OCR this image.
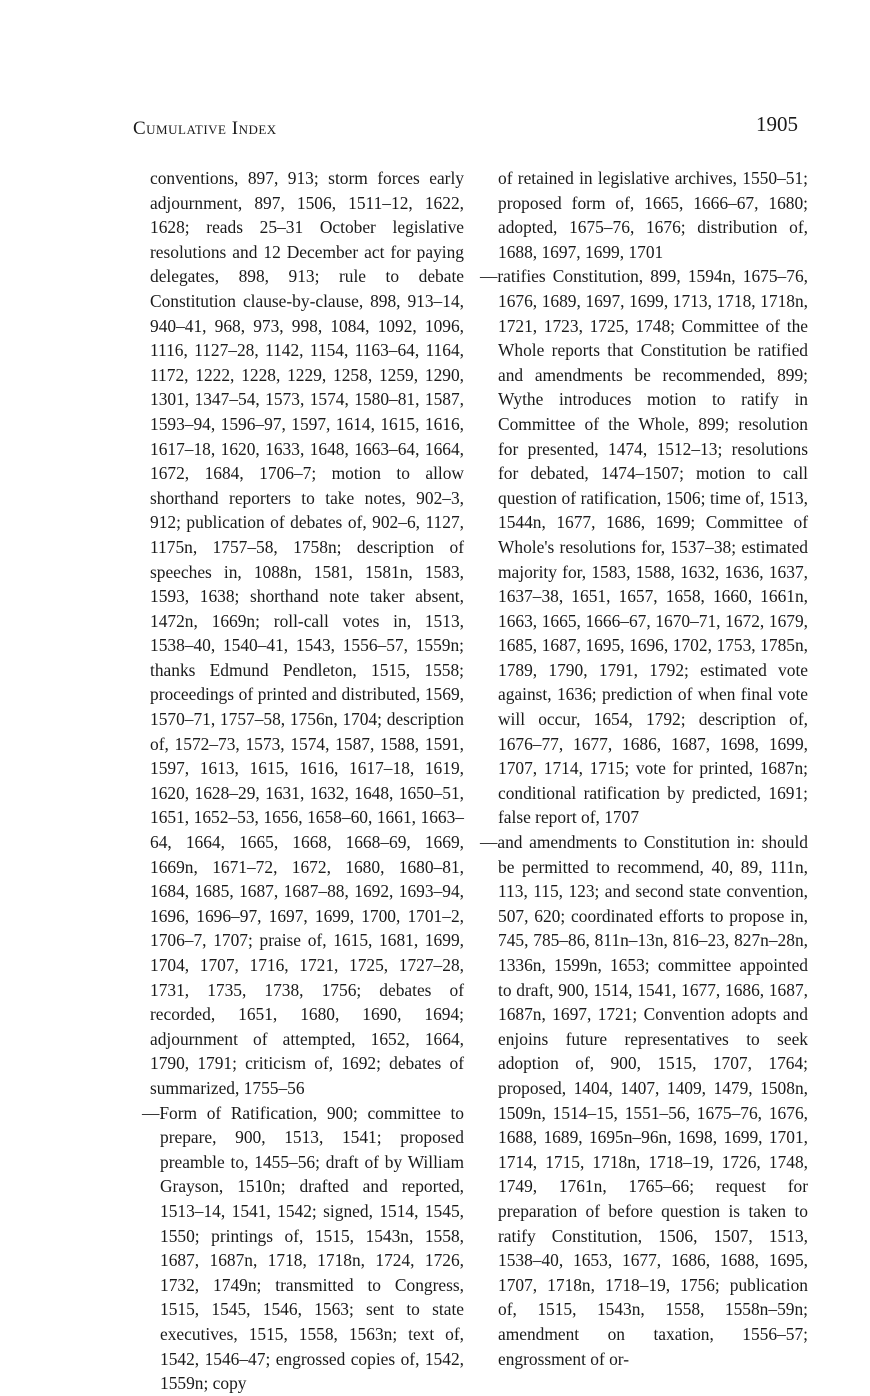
Cumulative Index	1905

conventions, 897, 913; storm forces early adjournment, 897, 1506, 1511–12, 1622, 1628; reads 25–31 October legislative resolutions and 12 December act for paying delegates, 898, 913; rule to debate Constitution clause-by-clause, 898, 913–14, 940–41, 968, 973, 998, 1084, 1092, 1096, 1116, 1127–28, 1142, 1154, 1163–64, 1164, 1172, 1222, 1228, 1229, 1258, 1259, 1290, 1301, 1347–54, 1573, 1574, 1580–81, 1587, 1593–94, 1596–97, 1597, 1614, 1615, 1616, 1617–18, 1620, 1633, 1648, 1663–64, 1664, 1672, 1684, 1706–7; motion to allow shorthand reporters to take notes, 902–3, 912; publication of debates of, 902–6, 1127, 1175n, 1757–58, 1758n; description of speeches in, 1088n, 1581, 1581n, 1583, 1593, 1638; shorthand note taker absent, 1472n, 1669n; roll-call votes in, 1513, 1538–40, 1540–41, 1543, 1556–57, 1559n; thanks Edmund Pendleton, 1515, 1558; proceedings of printed and distributed, 1569, 1570–71, 1757–58, 1756n, 1704; description of, 1572–73, 1573, 1574, 1587, 1588, 1591, 1597, 1613, 1615, 1616, 1617–18, 1619, 1620, 1628–29, 1631, 1632, 1648, 1650–51, 1651, 1652–53, 1656, 1658–60, 1661, 1663–64, 1664, 1665, 1668, 1668–69, 1669, 1669n, 1671–72, 1672, 1680, 1680–81, 1684, 1685, 1687, 1687–88, 1692, 1693–94, 1696, 1696–97, 1697, 1699, 1700, 1701–2, 1706–7, 1707; praise of, 1615, 1681, 1699, 1704, 1707, 1716, 1721, 1725, 1727–28, 1731, 1735, 1738, 1756; debates of recorded, 1651, 1680, 1690, 1694; adjournment of attempted, 1652, 1664, 1790, 1791; criticism of, 1692; debates of summarized, 1755–56

—Form of Ratification, 900; committee to prepare, 900, 1513, 1541; proposed preamble to, 1455–56; draft of by William Grayson, 1510n; drafted and reported, 1513–14, 1541, 1542; signed, 1514, 1545, 1550; printings of, 1515, 1543n, 1558, 1687, 1687n, 1718, 1718n, 1724, 1726, 1732, 1749n; transmitted to Congress, 1515, 1545, 1546, 1563; sent to state executives, 1515, 1558, 1563n; text of, 1542, 1546–47; engrossed copies of, 1542, 1559n; copy

of retained in legislative archives, 1550–51; proposed form of, 1665, 1666–67, 1680; adopted, 1675–76, 1676; distribution of, 1688, 1697, 1699, 1701

—ratifies Constitution, 899, 1594n, 1675–76, 1676, 1689, 1697, 1699, 1713, 1718, 1718n, 1721, 1723, 1725, 1748; Committee of the Whole reports that Constitution be ratified and amendments be recommended, 899; Wythe introduces motion to ratify in Committee of the Whole, 899; resolution for presented, 1474, 1512–13; resolutions for debated, 1474–1507; motion to call question of ratification, 1506; time of, 1513, 1544n, 1677, 1686, 1699; Committee of Whole's resolutions for, 1537–38; estimated majority for, 1583, 1588, 1632, 1636, 1637, 1637–38, 1651, 1657, 1658, 1660, 1661n, 1663, 1665, 1666–67, 1670–71, 1672, 1679, 1685, 1687, 1695, 1696, 1702, 1753, 1785n, 1789, 1790, 1791, 1792; estimated vote against, 1636; prediction of when final vote will occur, 1654, 1792; description of, 1676–77, 1677, 1686, 1687, 1698, 1699, 1707, 1714, 1715; vote for printed, 1687n; conditional ratification by predicted, 1691; false report of, 1707

—and amendments to Constitution in: should be permitted to recommend, 40, 89, 111n, 113, 115, 123; and second state convention, 507, 620; coordinated efforts to propose in, 745, 785–86, 811n–13n, 816–23, 827n–28n, 1336n, 1599n, 1653; committee appointed to draft, 900, 1514, 1541, 1677, 1686, 1687, 1687n, 1697, 1721; Convention adopts and enjoins future representatives to seek adoption of, 900, 1515, 1707, 1764; proposed, 1404, 1407, 1409, 1479, 1508n, 1509n, 1514–15, 1551–56, 1675–76, 1676, 1688, 1689, 1695n–96n, 1698, 1699, 1701, 1714, 1715, 1718n, 1718–19, 1726, 1748, 1749, 1761n, 1765–66; request for preparation of before question is taken to ratify Constitution, 1506, 1507, 1513, 1538–40, 1653, 1677, 1686, 1688, 1695, 1707, 1718n, 1718–19, 1756; publication of, 1515, 1543n, 1558, 1558n–59n; amendment on taxation, 1556–57; engrossment of or-
